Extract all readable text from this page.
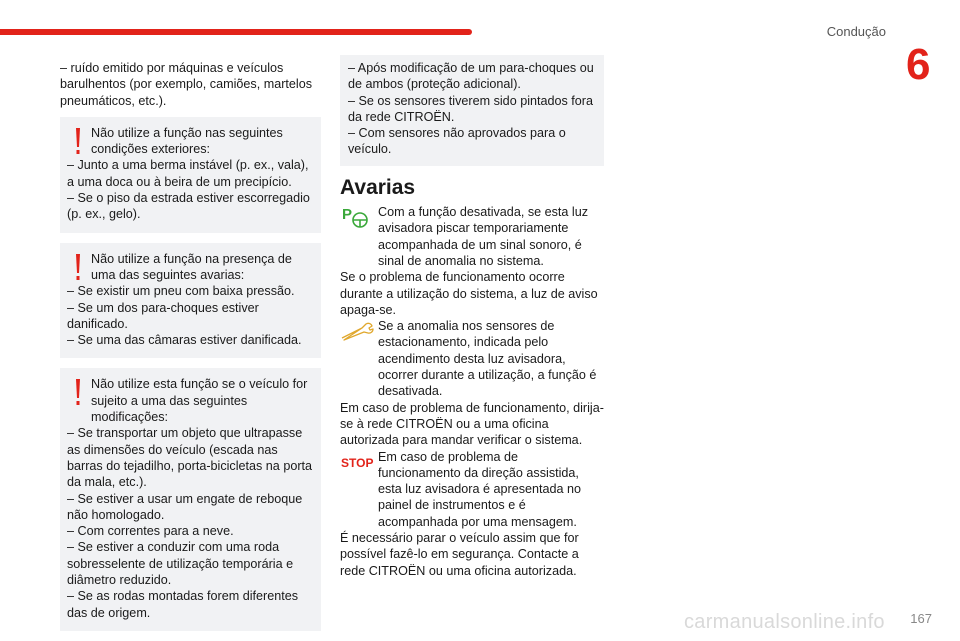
Condução
6

– ruído emitido por máquinas e veículos barulhentos (por exemplo, camiões, martelos pneumáticos, etc.).

Não utilize a função nas seguintes condições exteriores:

– Junto a uma berma instável (p. ex., vala), a uma doca ou à beira de um precipício.

– Se o piso da estrada estiver escorregadio (p. ex., gelo).

Não utilize a função na presença de uma das seguintes avarias:

– Se existir um pneu com baixa pressão.

– Se um dos para-choques estiver danificado.

– Se uma das câmaras estiver danificada.

Não utilize esta função se o veículo for sujeito a uma das seguintes modificações:

– Se transportar um objeto que ultrapasse as dimensões do veículo (escada nas barras do tejadilho, porta-bicicletas na porta da mala, etc.).

– Se estiver a usar um engate de reboque não homologado.

– Com correntes para a neve.

– Se estiver a conduzir com uma roda sobresselente de utilização temporária e diâmetro reduzido.

– Se as rodas montadas forem diferentes das de origem.

– Após modificação de um para-choques ou de ambos (proteção adicional).

– Se os sensores tiverem sido pintados fora da rede CITROËN.

– Com sensores não aprovados para o veículo.

Avarias
P	Com a função desativada, se esta luz avisadora piscar temporariamente acompanhada de um sinal sonoro, é sinal de anomalia no sistema.

Se o problema de funcionamento ocorre durante a utilização do sistema, a luz de aviso apaga-se.

Se a anomalia nos sensores de estacionamento, indicada pelo acendimento desta luz avisadora, ocorrer durante a utilização, a função é desativada.

Em caso de problema de funcionamento, dirija-se à rede CITROËN ou a uma oficina autorizada para mandar verificar o sistema.

STOP Em caso de problema de funcionamento da direção assistida, esta luz avisadora é apresentada no painel de instrumentos e é acompanhada por uma mensagem.

É necessário parar o veículo assim que for possível fazê-lo em segurança. Contacte a rede CITROËN ou uma oficina autorizada.

167
carmanualsonline.info
